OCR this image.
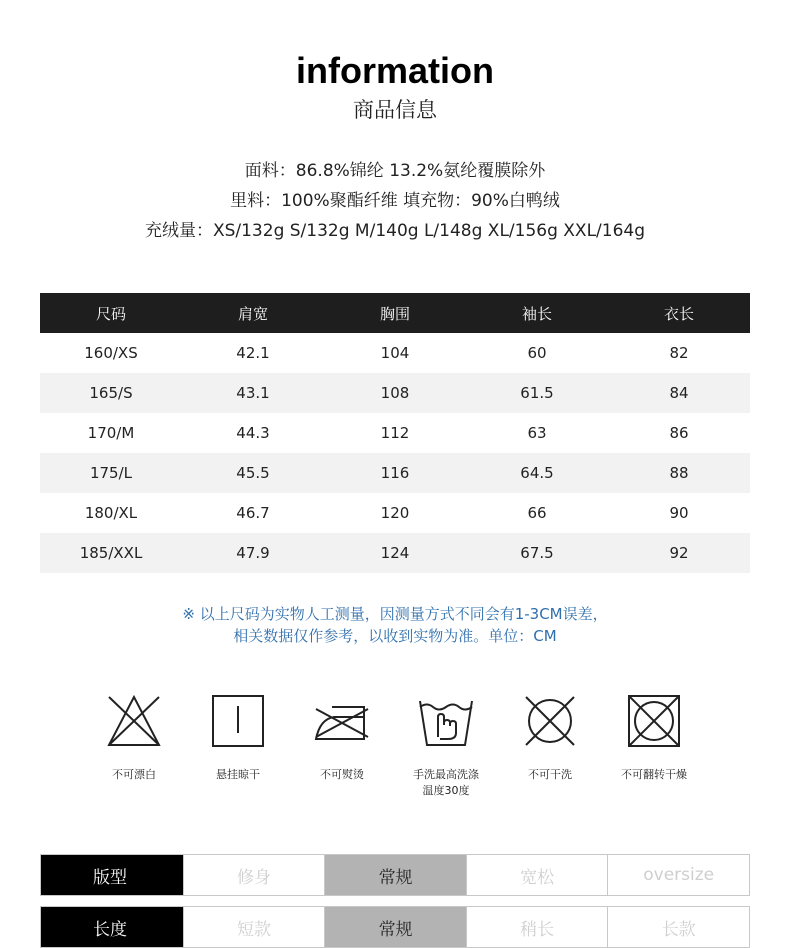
information
商品信息
面料：86.8%锦纶 13.2%氨纶覆膜除外
里料：100%聚酯纤维 填充物：90%白鸭绒
充绒量：XS/132g S/132g M/140g L/148g XL/156g XXL/164g
尺码	肩宽	胸围	袖长	衣长
160/XS	42.1	104	60	82
165/S	43.1	108	61.5	84
170/M	44.3	112	63	86
175/L	45.5	116	64.5	88
180/XL	46.7	120	66	90
185/XXL	47.9	124	67.5	92
※ 以上尺码为实物人工测量，因测量方式不同会有1-3CM误差，
相关数据仅作参考，以收到实物为准。单位：CM
不可漂白	悬挂晾干	不可熨烫	手洗最高洗涤温度30度
不可干洗	不可翻转干燥
版型	修身	常规	宽松	oversize
长度	短款	常规	稍长	长款
